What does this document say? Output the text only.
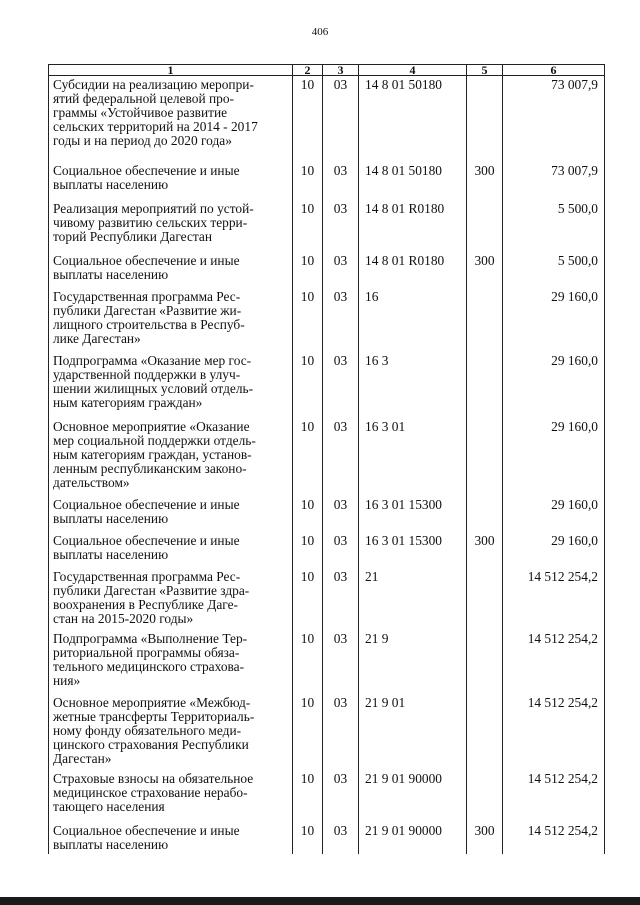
406
1	2	3	4	5	6
Субсидии на реализацию меропри-
ятий федеральной целевой про-
граммы «Устойчивое развитие
сельских территорий на 2014 - 2017
годы и на период до 2020 года»	10	03	14 8 01 50180		73 007,9
Социальное обеспечение и иные
выплаты населению	10	03	14 8 01 50180	300	73 007,9
Реализация мероприятий по устой-
чивому развитию сельских терри-
торий Республики Дагестан	10	03	14 8 01 R0180		5 500,0
Социальное обеспечение и иные
выплаты населению	10	03	14 8 01 R0180	300	5 500,0
Государственная программа Рес-
публики Дагестан «Развитие жи-
лищного строительства в Респуб-
лике Дагестан»	10	03	16		29 160,0
Подпрограмма «Оказание мер гос-
ударственной поддержки в улуч-
шении жилищных условий отдель-
ным категориям граждан»	10	03	16 3		29 160,0
Основное мероприятие «Оказание
мер социальной поддержки отдель-
ным категориям граждан, установ-
ленным республиканским законо-
дательством»	10	03	16 3 01		29 160,0
Социальное обеспечение и иные
выплаты населению	10	03	16 3 01 15300		29 160,0
Социальное обеспечение и иные
выплаты населению	10	03	16 3 01 15300	300	29 160,0
Государственная программа Рес-
публики Дагестан «Развитие здра-
воохранения в Республике Даге-
стан на 2015-2020 годы»	10	03	21		14 512 254,2
Подпрограмма «Выполнение Тер-
риториальной программы обяза-
тельного медицинского страхова-
ния»	10	03	21 9		14 512 254,2
Основное мероприятие «Межбюд-
жетные трансферты Территориаль-
ному фонду обязательного меди-
цинского страхования Республики
Дагестан»	10	03	21 9 01		14 512 254,2
Страховые взносы на обязательное
медицинское страхование нерабо-
тающего населения	10	03	21 9 01 90000		14 512 254,2
Социальное обеспечение и иные
выплаты населению	10	03	21 9 01 90000	300	14 512 254,2
